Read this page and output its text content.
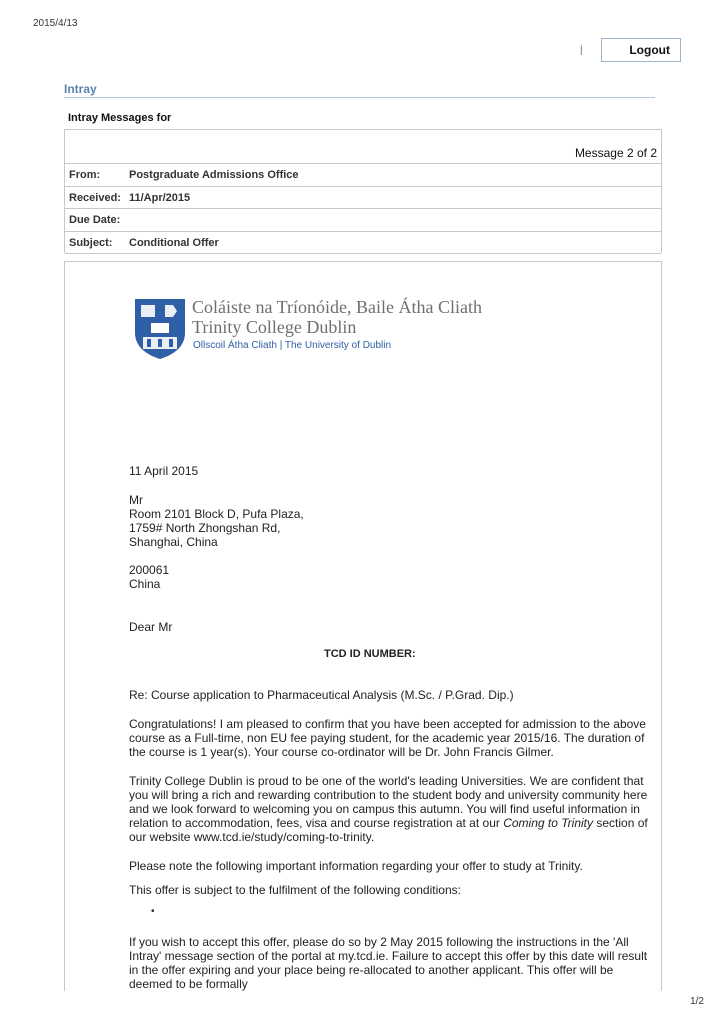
2015/4/13
|	Logout
Intray
Intray Messages for
Message 2 of 2
From:	Postgraduate Admissions Office
Received: 11/Apr/2015
Due Date:
Subject: Conditional Offer
Coláiste na Tríonóide, Baile Átha Cliath
Trinity College Dublin
Ollscoil Átha Cliath | The University of Dublin
11 April 2015
Mr
Room 2101 Block D, Pufa Plaza,
1759# North Zhongshan Rd,
Shanghai, China
200061
China
Dear Mr
TCD ID NUMBER:
Re: Course application to Pharmaceutical Analysis (M.Sc. / P.Grad. Dip.)
Congratulations! I am pleased to confirm that you have been accepted for admission to the above course as a Full-time, non EU fee paying student, for the academic year 2015/16. The duration of the course is 1 year(s). Your course co-ordinator will be Dr. John Francis Gilmer.
Trinity College Dublin is proud to be one of the world's leading Universities. We are confident that you will bring a rich and rewarding contribution to the student body and university community here and we look forward to welcoming you on campus this autumn. You will find useful information in relation to accommodation, fees, visa and course registration at at our Coming to Trinity section of our website www.tcd.ie/study/coming-to-trinity.
Please note the following important information regarding your offer to study at Trinity.
This offer is subject to the fulfilment of the following conditions:
•
If you wish to accept this offer, please do so by 2 May 2015 following the instructions in the 'All Intray' message section of the portal at my.tcd.ie. Failure to accept this offer by this date will result in the offer expiring and your place being re-allocated to another applicant. This offer will be deemed to be formally
1/2
